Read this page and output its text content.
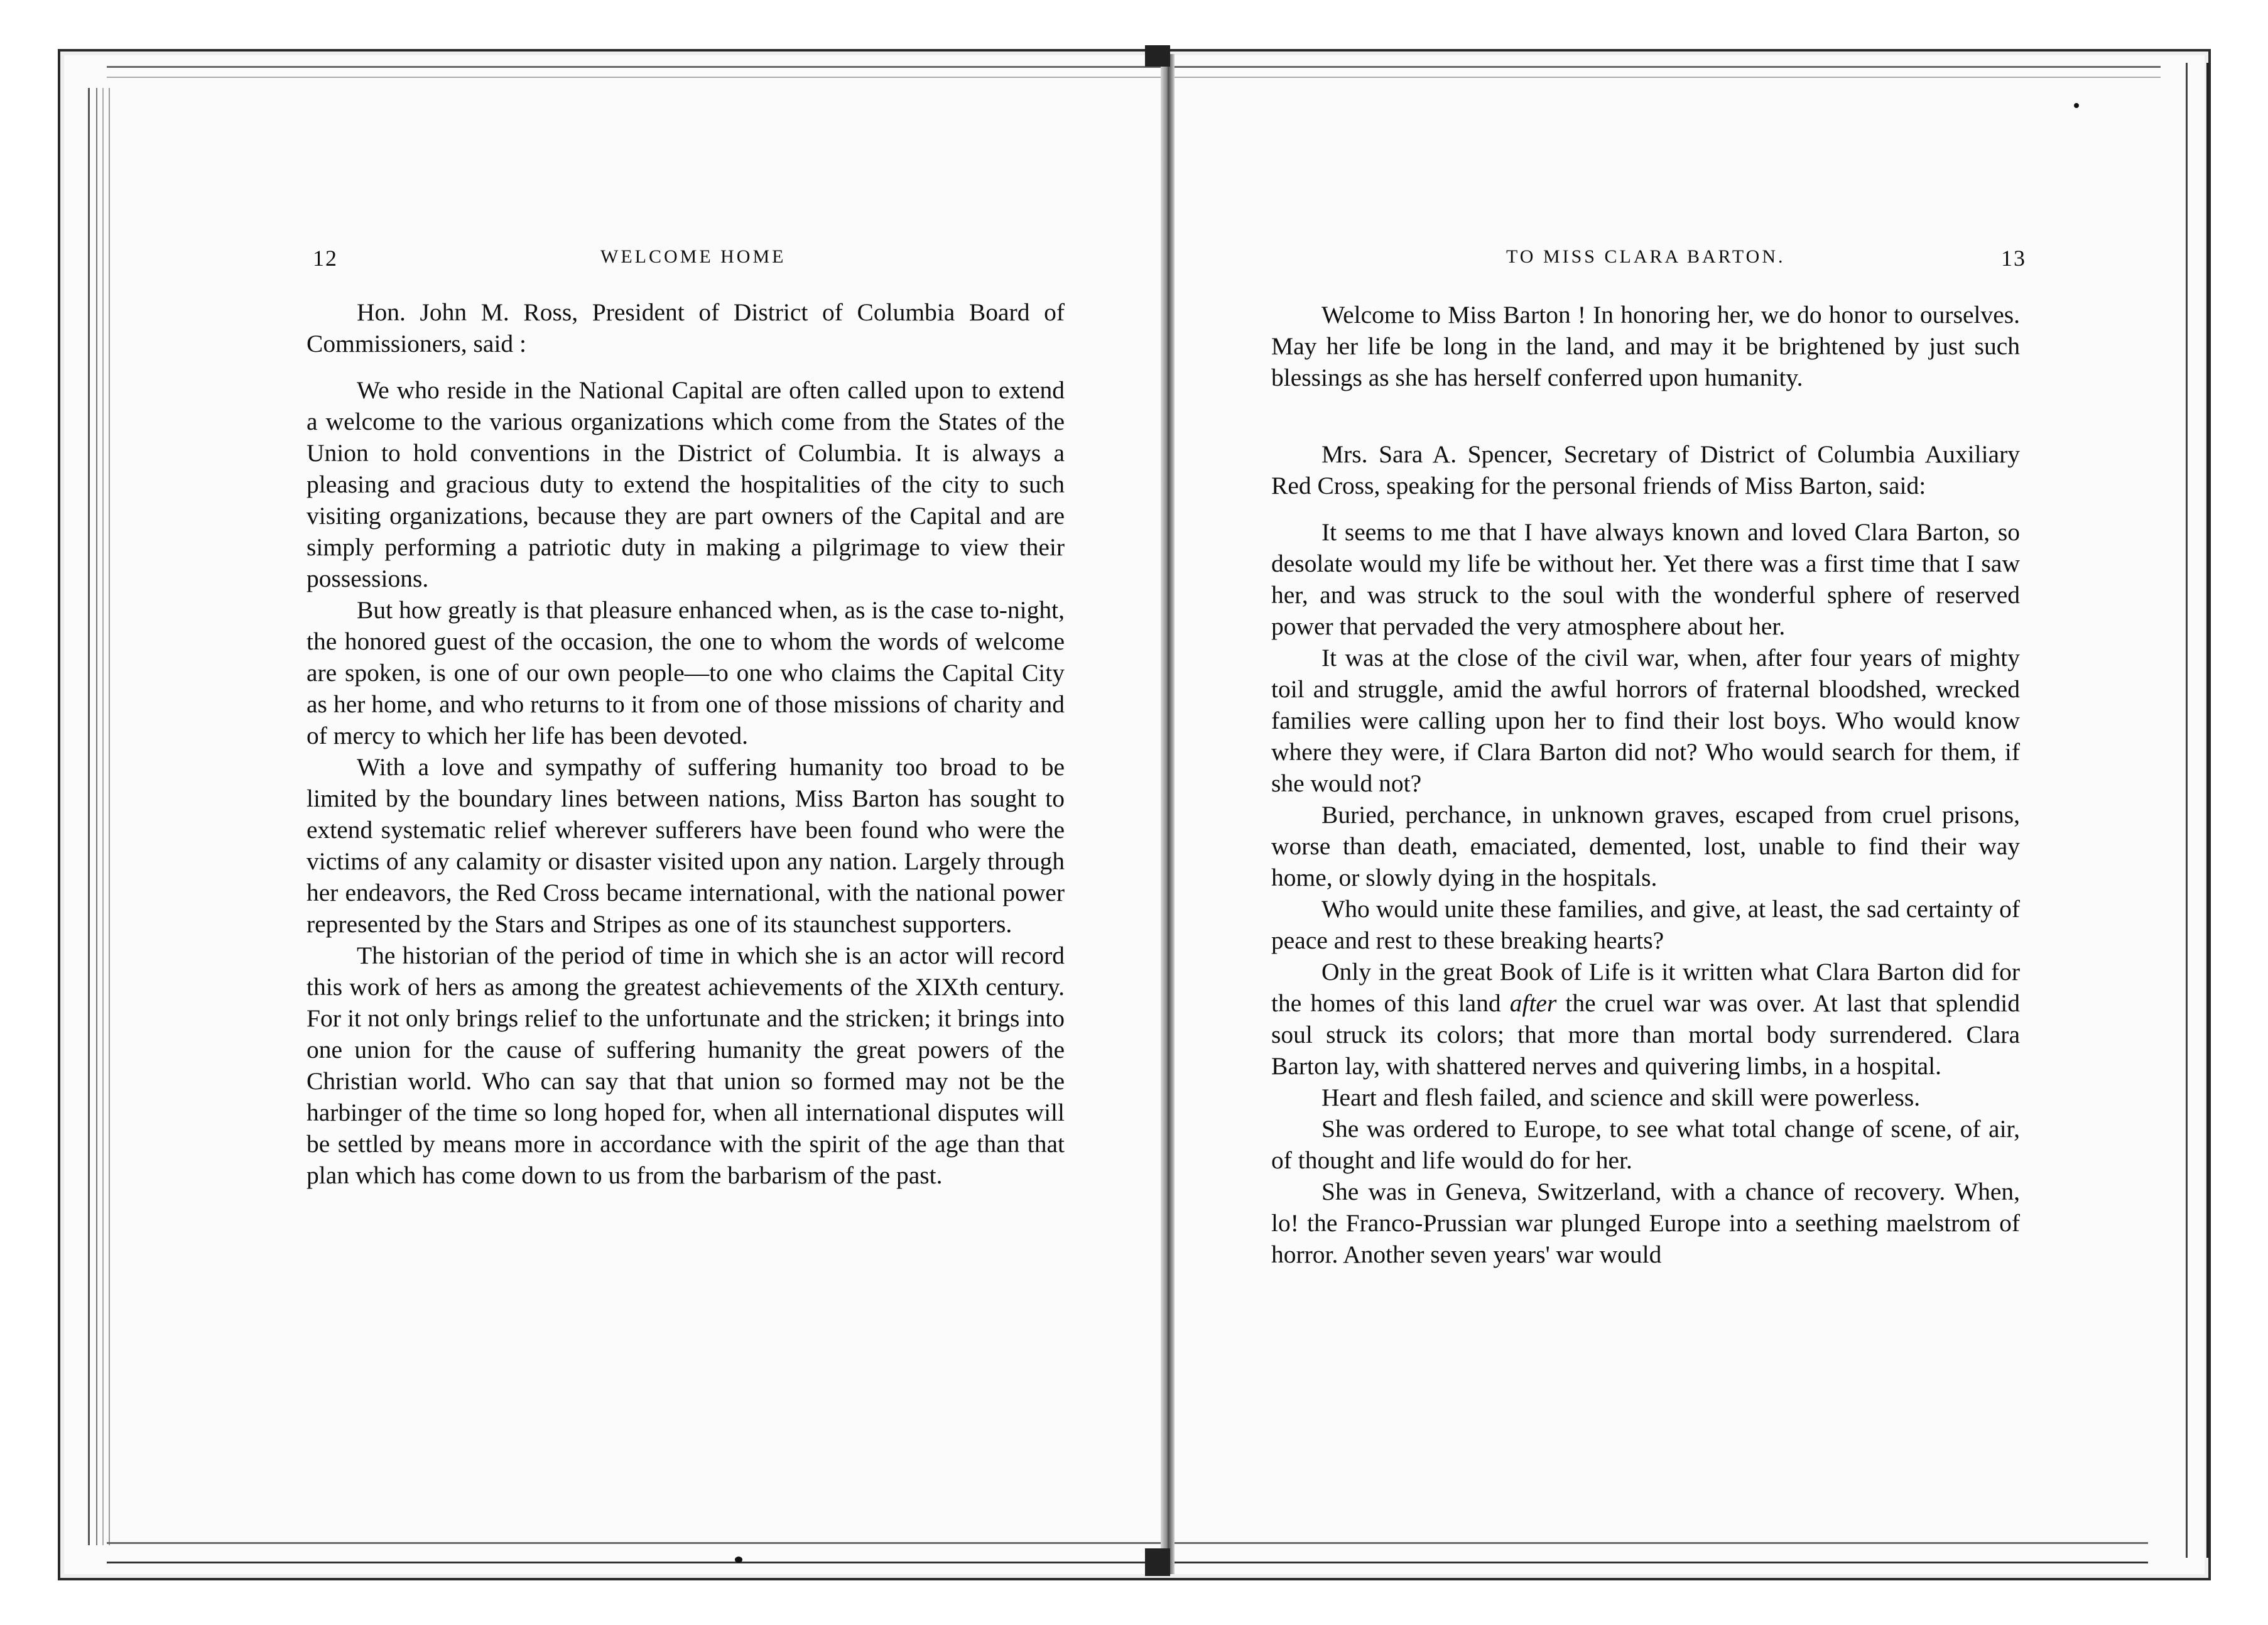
12	WELCOME HOME

Hon. John M. Ross, President of District of Columbia Board of Commissioners, said :

We who reside in the National Capital are often called upon to extend a welcome to the various organizations which come from the States of the Union to hold conventions in the District of Columbia. It is always a pleasing and gracious duty to extend the hospitalities of the city to such visiting organizations, because they are part owners of the Capital and are simply performing a patriotic duty in making a pilgrimage to view their possessions.

But how greatly is that pleasure enhanced when, as is the case to-night, the honored guest of the occasion, the one to whom the words of welcome are spoken, is one of our own people—to one who claims the Capital City as her home, and who returns to it from one of those missions of charity and of mercy to which her life has been devoted.

With a love and sympathy of suffering humanity too broad to be limited by the boundary lines between nations, Miss Barton has sought to extend systematic relief wherever sufferers have been found who were the victims of any calamity or disaster visited upon any nation. Largely through her endeavors, the Red Cross became international, with the national power represented by the Stars and Stripes as one of its staunchest supporters.

The historian of the period of time in which she is an actor will record this work of hers as among the greatest achievements of the XIXth century. For it not only brings relief to the unfortunate and the stricken; it brings into one union for the cause of suffering humanity the great powers of the Christian world. Who can say that that union so formed may not be the harbinger of the time so long hoped for, when all international disputes will be settled by means more in accordance with the spirit of the age than that plan which has come down to us from the barbarism of the past.

TO MISS CLARA BARTON.	13

Welcome to Miss Barton ! In honoring her, we do honor to ourselves. May her life be long in the land, and may it be brightened by just such blessings as she has herself conferred upon humanity.

Mrs. Sara A. Spencer, Secretary of District of Columbia Auxiliary Red Cross, speaking for the personal friends of Miss Barton, said:

It seems to me that I have always known and loved Clara Barton, so desolate would my life be without her. Yet there was a first time that I saw her, and was struck to the soul with the wonderful sphere of reserved power that pervaded the very atmosphere about her.

It was at the close of the civil war, when, after four years of mighty toil and struggle, amid the awful horrors of fraternal bloodshed, wrecked families were calling upon her to find their lost boys. Who would know where they were, if Clara Barton did not? Who would search for them, if she would not?

Buried, perchance, in unknown graves, escaped from cruel prisons, worse than death, emaciated, demented, lost, unable to find their way home, or slowly dying in the hospitals.

Who would unite these families, and give, at least, the sad certainty of peace and rest to these breaking hearts?

Only in the great Book of Life is it written what Clara Barton did for the homes of this land after the cruel war was over. At last that splendid soul struck its colors; that more than mortal body surrendered. Clara Barton lay, with shattered nerves and quivering limbs, in a hospital.

Heart and flesh failed, and science and skill were powerless.

She was ordered to Europe, to see what total change of scene, of air, of thought and life would do for her.

She was in Geneva, Switzerland, with a chance of recovery. When, lo! the Franco-Prussian war plunged Europe into a seething maelstrom of horror. Another seven years' war would
